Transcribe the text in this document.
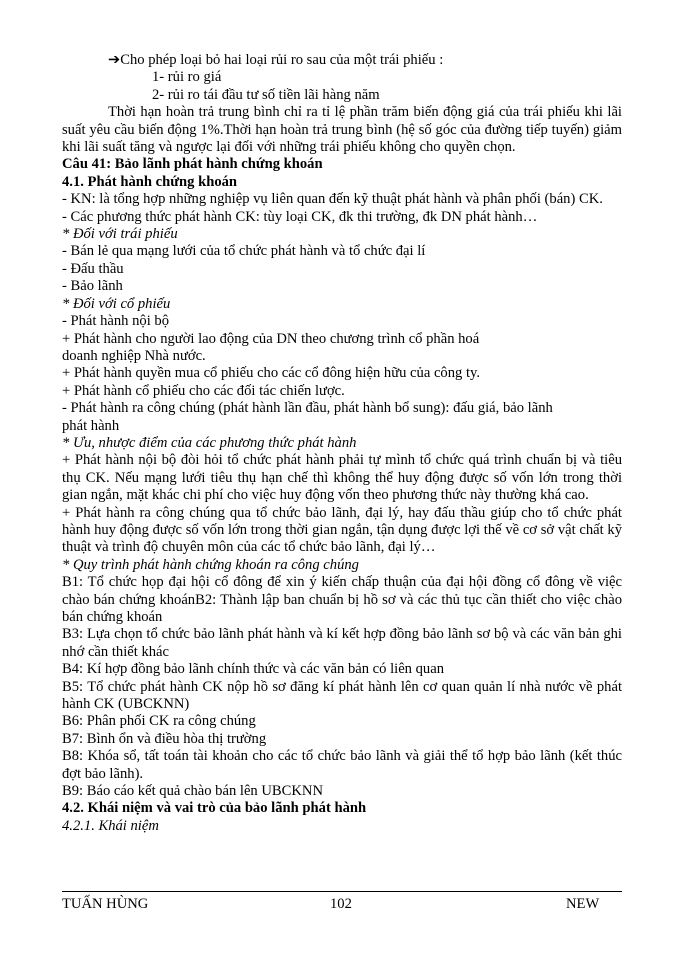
➔Cho phép loại bỏ hai loại rủi ro sau của một trái phiếu :

1- rủi ro giá

2- rủi ro tái đầu tư số tiền lãi hàng năm

Thời hạn hoàn trả trung bình chỉ ra tỉ lệ phần trăm biến động giá của trái phiếu khi lãi suất yêu cầu biến động 1%.Thời hạn hoàn trả trung bình (hệ số góc của đường tiếp tuyến) giảm khi lãi suất tăng và ngược lại đối với những trái phiếu không cho quyền chọn.

Câu 41: Bảo lãnh phát hành chứng khoán

4.1. Phát hành chứng khoán

- KN: là tổng hợp những nghiệp vụ liên quan đến kỹ thuật phát hành và phân phối (bán) CK.

- Các phương thức phát hành CK: tùy loại CK, đk thi trường, đk DN phát hành…

* Đối với trái phiếu

- Bán lẻ qua mạng lưới của tổ chức phát hành và tổ chức đại lí

- Đấu thầu

- Bảo lãnh

* Đối với cổ phiếu

- Phát hành nội bộ

+ Phát hành cho người lao động của DN theo chương trình cổ phần hoá doanh nghiệp Nhà nước.

+ Phát hành quyền mua cổ phiếu cho các cổ đông hiện hữu của công ty.

+ Phát hành cổ phiếu cho các đối tác chiến lược.

- Phát hành ra công chúng (phát hành lần đầu, phát hành bổ sung): đấu giá, bảo lãnh phát hành

* Ưu, nhược điểm của các phương thức phát hành

+ Phát hành nội bộ đòi hỏi tổ chức phát hành phải tự mình tổ chức quá trình chuẩn bị và tiêu thụ CK. Nếu mạng lưới tiêu thụ hạn chế thì không thể huy động được số vốn lớn trong thời gian ngắn, mặt khác chi phí cho việc huy động vốn theo phương thức này thường khá cao.

+ Phát hành ra công chúng qua tổ chức bảo lãnh, đại lý, hay đấu thầu giúp cho tổ chức phát hành huy động được số vốn lớn trong thời gian ngắn, tận dụng được lợi thế về cơ sở vật chất kỹ thuật và trình độ chuyên môn của các tổ chức bảo lãnh, đại lý…

* Quy trình phát hành chứng khoán ra công chúng

B1: Tổ chức họp đại hội cổ đông để xin ý kiến chấp thuận của đại hội đồng cổ đông về việc chào bán chứng khoánB2: Thành lập ban chuẩn bị hồ sơ và các thủ tục cần thiết cho việc chào bán chứng khoán

B3: Lựa chọn tổ chức bảo lãnh phát hành và kí kết hợp đồng bảo lãnh sơ bộ và các văn bản ghi nhớ cần thiết khác

B4: Kí hợp đồng bảo lãnh chính thức và các văn bản có liên quan

B5: Tổ chức phát hành CK nộp hồ sơ đăng kí phát hành lên cơ quan quản lí nhà nước về phát hành CK (UBCKNN)

B6: Phân phối CK ra công chúng

B7: Bình ổn và điều hòa thị trường

B8: Khóa sổ, tất toán tài khoản cho các tổ chức bảo lãnh và giải thể tổ hợp bảo lãnh (kết thúc đợt bảo lãnh).

B9: Báo cáo kết quả chào bán lên UBCKNN

4.2. Khái niệm và vai trò của bảo lãnh phát hành

4.2.1. Khái niệm

TUẤN HÙNG	102	NEW
